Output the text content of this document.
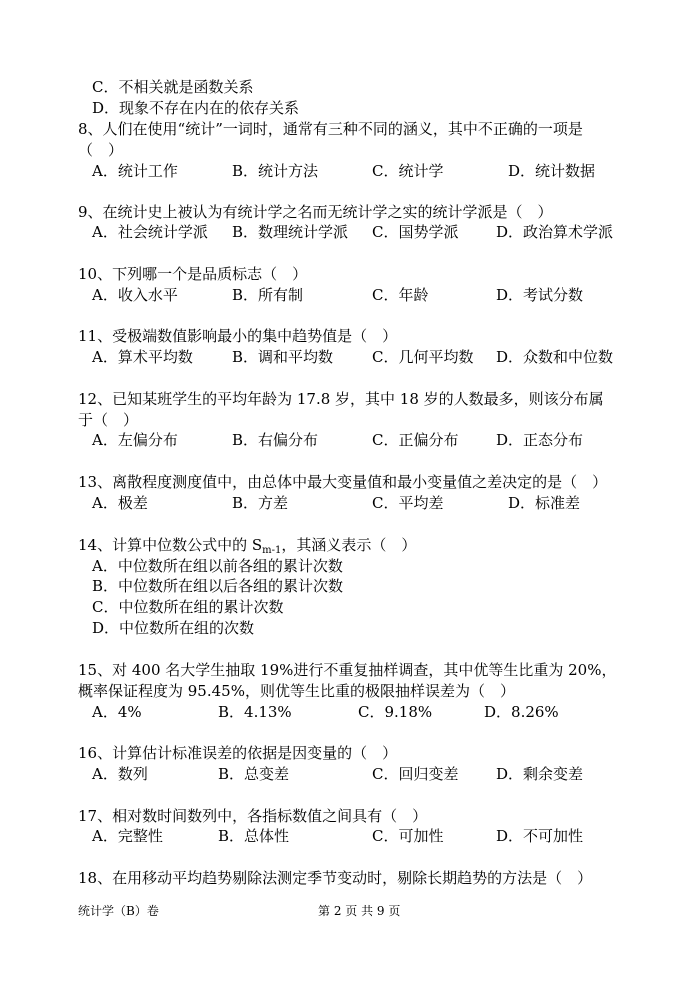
C．不相关就是函数关系
D．现象不存在内在的依存关系
8、人们在使用“统计”一词时，通常有三种不同的涵义，其中不正确的一项是
（　）
A．统计工作	B．统计方法	C．统计学	D．统计数据
9、在统计史上被认为有统计学之名而无统计学之实的统计学派是（　）
A．社会统计学派 B．数理统计学派 C．国势学派	D．政治算术学派
10、下列哪一个是品质标志（　）
A．收入水平	B．所有制	C．年龄	D．考试分数
11、受极端数值影响最小的集中趋势值是（　）
A．算术平均数	B．调和平均数	C．几何平均数 D．众数和中位数
12、已知某班学生的平均年龄为 17.8 岁，其中 18 岁的人数最多，则该分布属
于（　）
A．左偏分布	B．右偏分布	C．正偏分布	D．正态分布
13、离散程度测度值中，由总体中最大变量值和最小变量值之差决定的是（　）
A．极差	B．方差	C．平均差	D．标准差
14、计算中位数公式中的 $S_{m-1}$，其涵义表示（　）
A．中位数所在组以前各组的累计次数
B．中位数所在组以后各组的累计次数
C．中位数所在组的累计次数
D．中位数所在组的次数
15、对 400 名大学生抽取 19%进行不重复抽样调查，其中优等生比重为 20%，
概率保证程度为 95.45%，则优等生比重的极限抽样误差为（　）
A．4%	B．4.13%	C．9.18%	D．8.26%
16、计算估计标准误差的依据是因变量的（　）
A．数列	B．总变差	C．回归变差	D．剩余变差
17、相对数时间数列中，各指标数值之间具有（　）
A．完整性	B．总体性	C．可加性	D．不可加性
18、在用移动平均趋势剔除法测定季节变动时，剔除长期趋势的方法是（　）
统计学（B）卷	第 2 页 共 9 页
